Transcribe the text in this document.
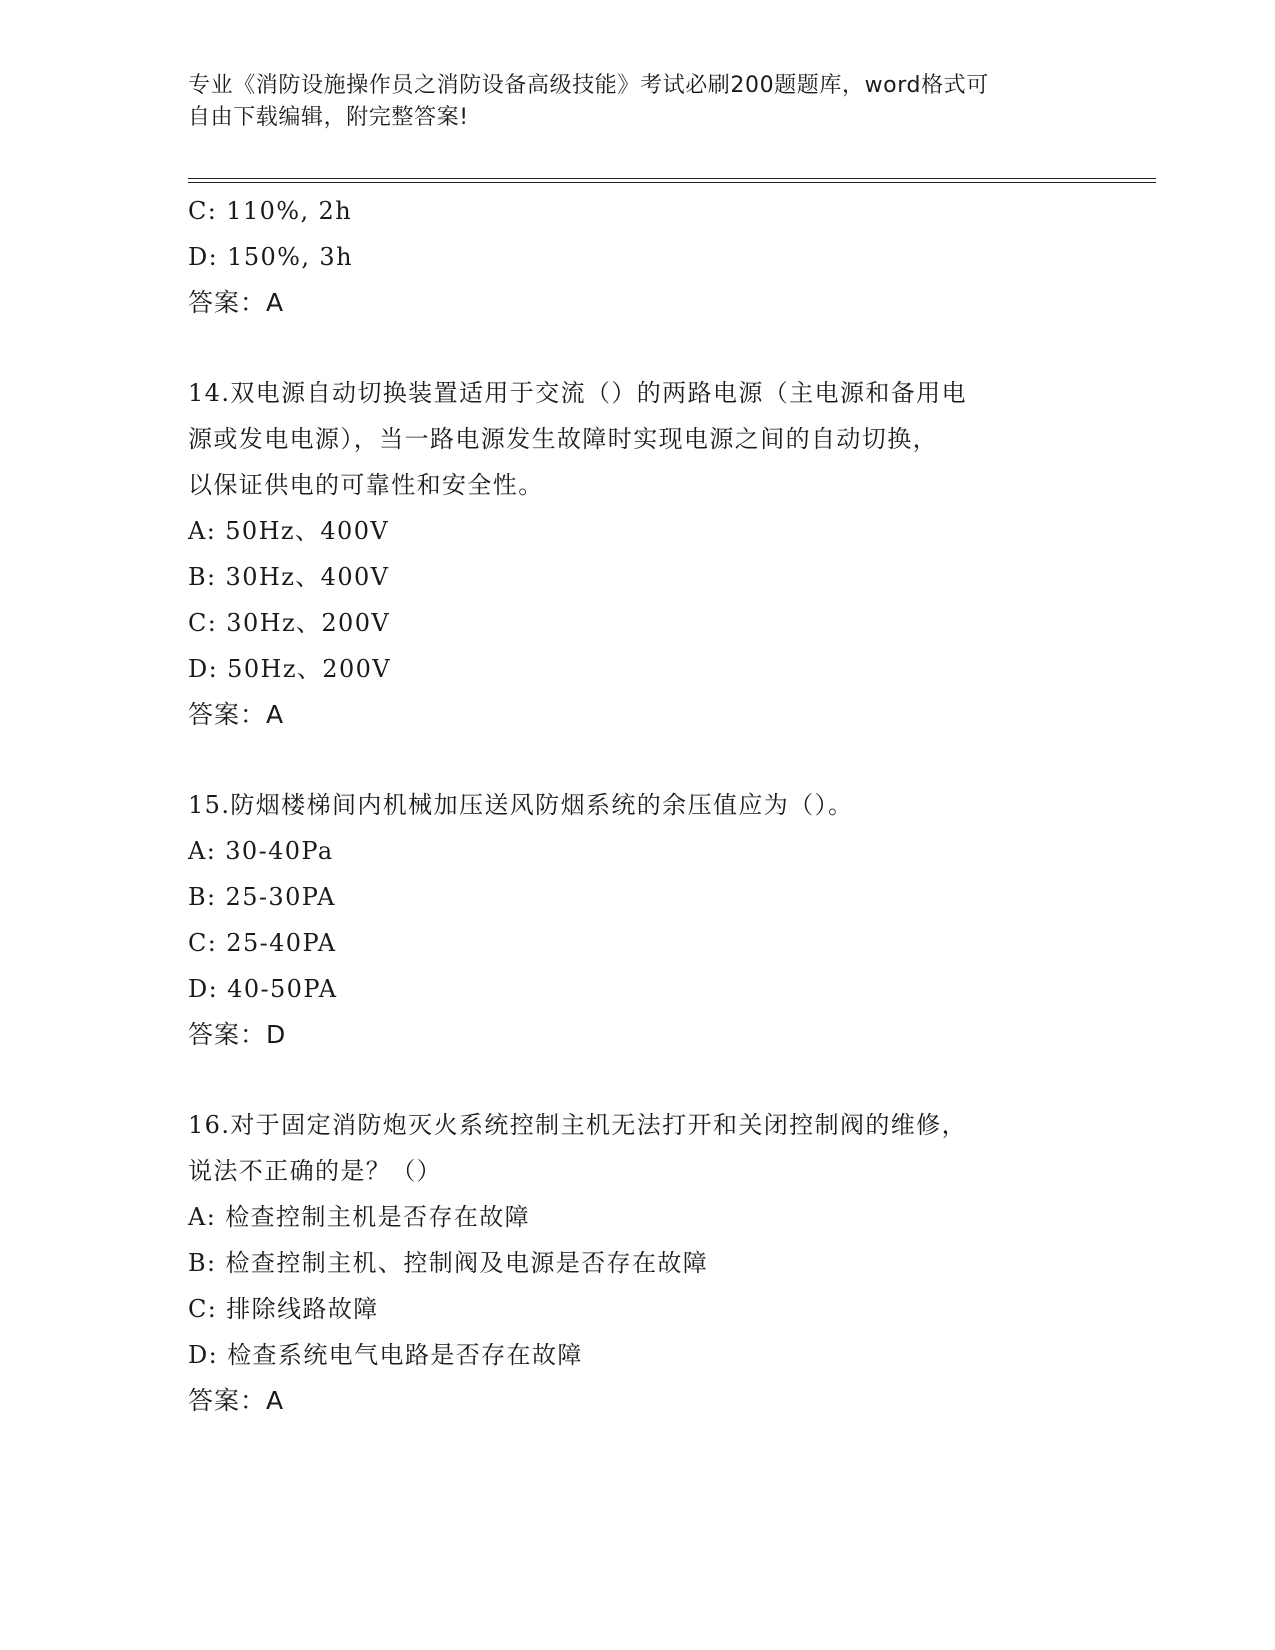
专业《消防设施操作员之消防设备高级技能》考试必刷200题题库，word格式可
自由下载编辑，附完整答案!
C: 110%, 2h
D: 150%, 3h
答案：A
14.双电源自动切换装置适用于交流（）的两路电源（主电源和备用电
源或发电电源），当一路电源发生故障时实现电源之间的自动切换，
以保证供电的可靠性和安全性。
A: 50Hz、400V
B: 30Hz、400V
C: 30Hz、200V
D: 50Hz、200V
答案：A
15.防烟楼梯间内机械加压送风防烟系统的余压值应为（）。
A: 30-40Pa
B: 25-30PA
C: 25-40PA
D: 40-50PA
答案：D
16.对于固定消防炮灭火系统控制主机无法打开和关闭控制阀的维修，
说法不正确的是？（）
A: 检查控制主机是否存在故障
B: 检查控制主机、控制阀及电源是否存在故障
C: 排除线路故障
D: 检查系统电气电路是否存在故障
答案：A
